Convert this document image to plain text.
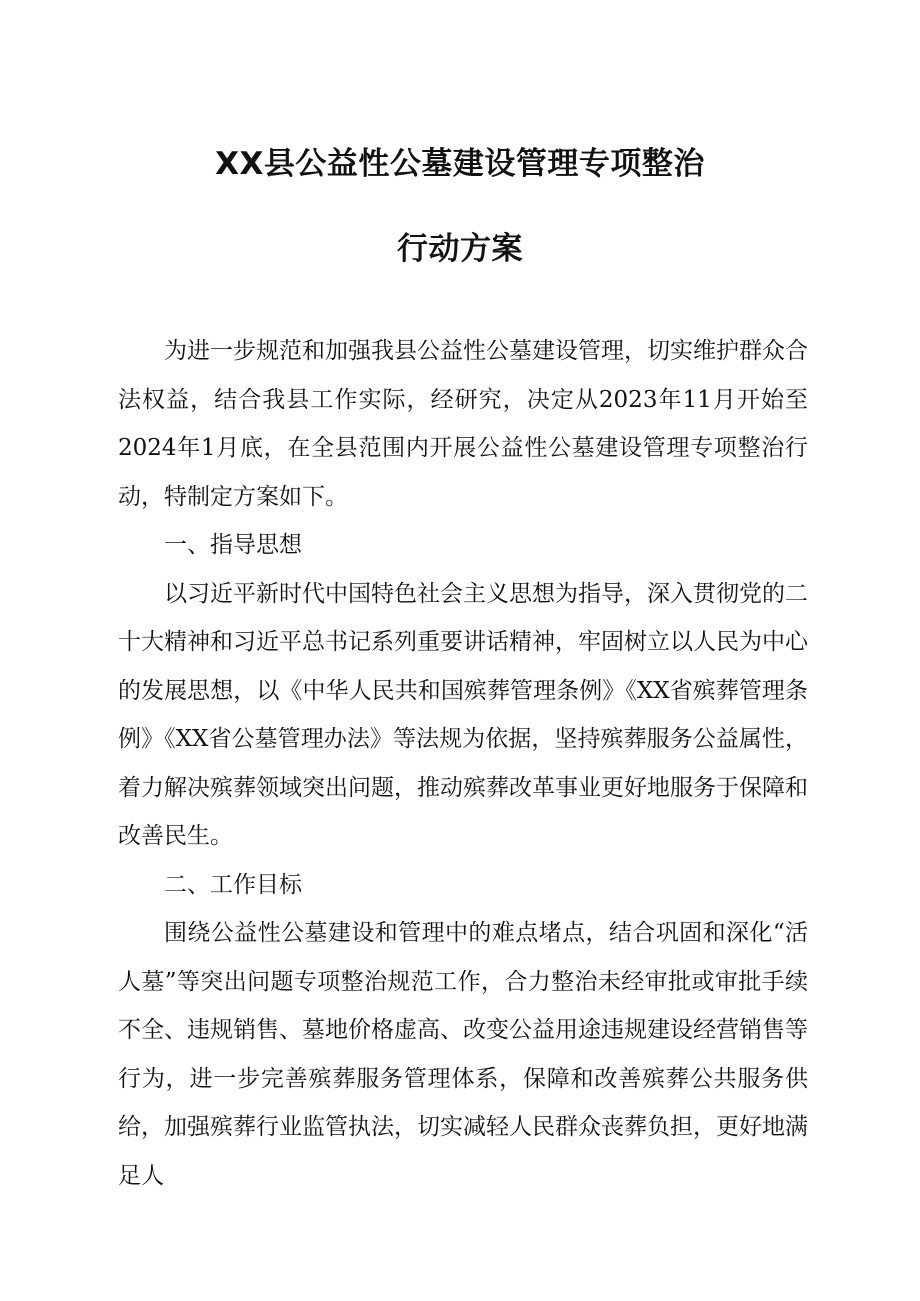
XX县公益性公墓建设管理专项整治
行动方案

为进一步规范和加强我县公益性公墓建设管理，切实维护群众合法权益，结合我县工作实际，经研究，决定从2023年11月开始至2024年1月底，在全县范围内开展公益性公墓建设管理专项整治行动，特制定方案如下。

一、指导思想

以习近平新时代中国特色社会主义思想为指导，深入贯彻党的二十大精神和习近平总书记系列重要讲话精神，牢固树立以人民为中心的发展思想，以《中华人民共和国殡葬管理条例》《XX省殡葬管理条例》《XX省公墓管理办法》等法规为依据，坚持殡葬服务公益属性，着力解决殡葬领域突出问题，推动殡葬改革事业更好地服务于保障和改善民生。

二、工作目标

围绕公益性公墓建设和管理中的难点堵点，结合巩固和深化“活人墓”等突出问题专项整治规范工作，合力整治未经审批或审批手续不全、违规销售、墓地价格虚高、改变公益用途违规建设经营销售等行为，进一步完善殡葬服务管理体系，保障和改善殡葬公共服务供给，加强殡葬行业监管执法，切实减轻人民群众丧葬负担，更好地满足人
